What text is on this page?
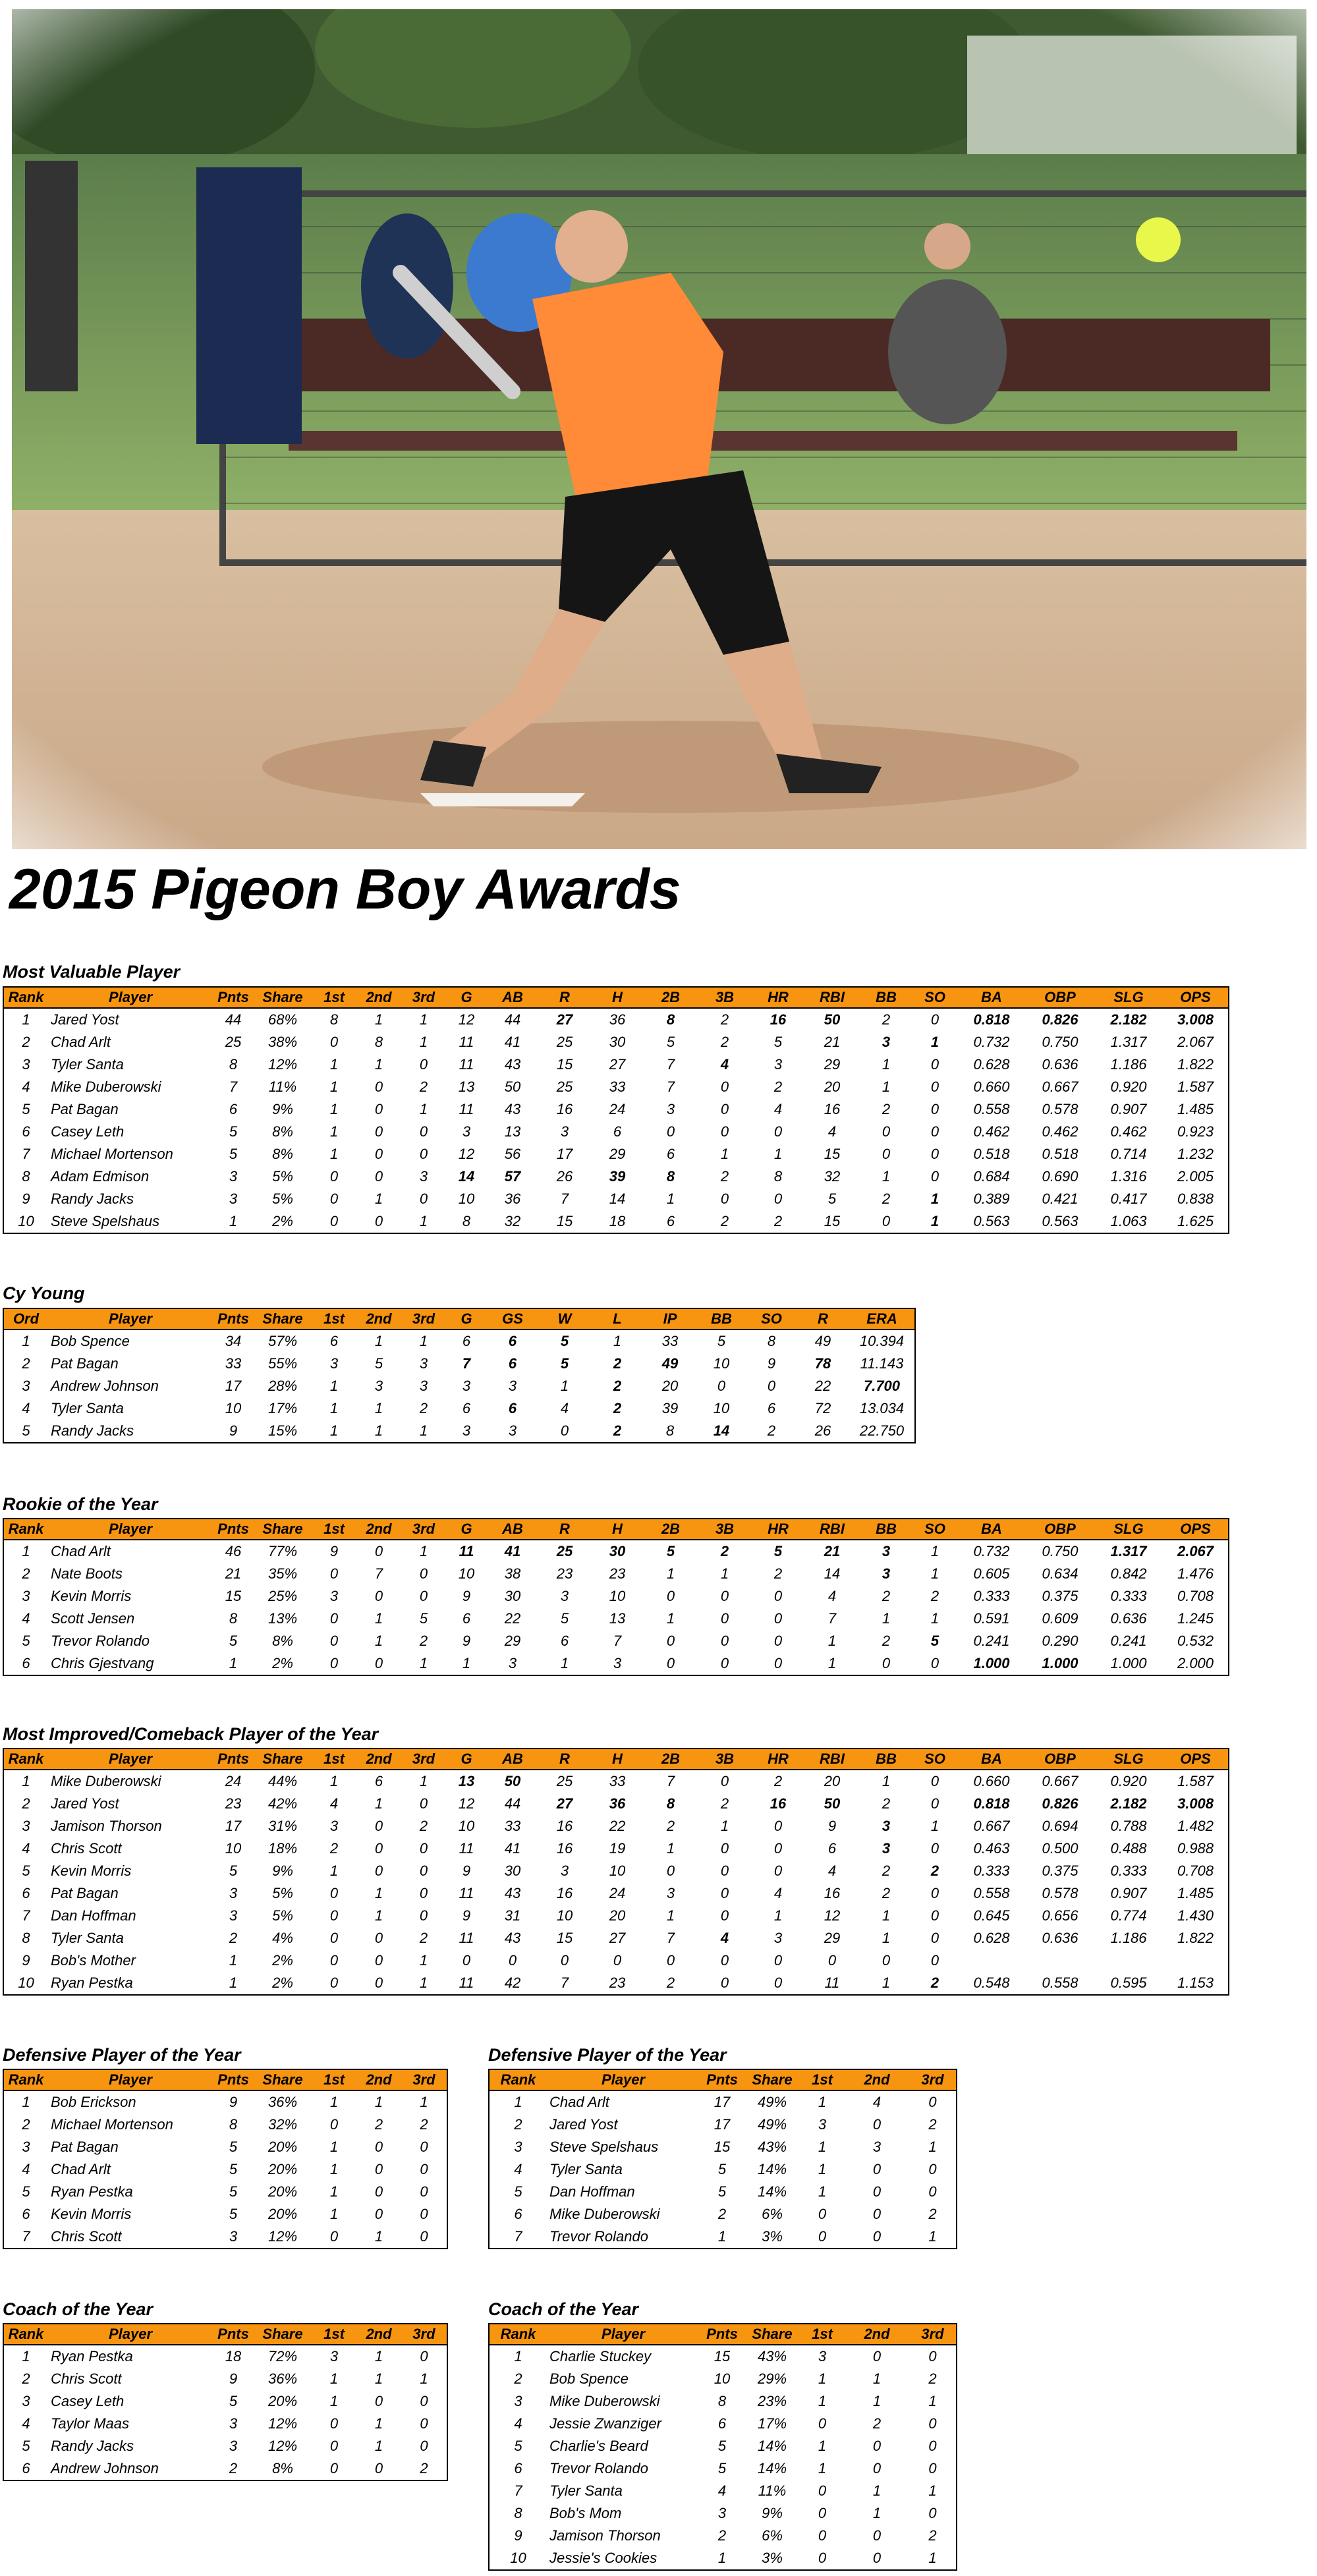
2015 Pigeon Boy Awards
Most Valuable Player
Rank	Player	Pnts	Share	1st	2nd	3rd	G	AB	R	H	2B	3B	HR	RBI	BB	SO	BA	OBP	SLG	OPS
1	Jared Yost	44	68%	8	1	1	12	44	27	36	8	2	16	50	2	0	0.818	0.826	2.182	3.008
2	Chad Arlt	25	38%	0	8	1	11	41	25	30	5	2	5	21	3	1	0.732	0.750	1.317	2.067
3	Tyler Santa	8	12%	1	1	0	11	43	15	27	7	4	3	29	1	0	0.628	0.636	1.186	1.822
4	Mike Duberowski	7	11%	1	0	2	13	50	25	33	7	0	2	20	1	0	0.660	0.667	0.920	1.587
5	Pat Bagan	6	9%	1	0	1	11	43	16	24	3	0	4	16	2	0	0.558	0.578	0.907	1.485
6	Casey Leth	5	8%	1	0	0	3	13	3	6	0	0	0	4	0	0	0.462	0.462	0.462	0.923
7	Michael Mortenson	5	8%	1	0	0	12	56	17	29	6	1	1	15	0	0	0.518	0.518	0.714	1.232
8	Adam Edmison	3	5%	0	0	3	14	57	26	39	8	2	8	32	1	0	0.684	0.690	1.316	2.005
9	Randy Jacks	3	5%	0	1	0	10	36	7	14	1	0	0	5	2	1	0.389	0.421	0.417	0.838
10	Steve Spelshaus	1	2%	0	0	1	8	32	15	18	6	2	2	15	0	1	0.563	0.563	1.063	1.625
Cy Young
Ord	Player	Pnts	Share	1st	2nd	3rd	G	GS	W	L	IP	BB	SO	R	ERA
1	Bob Spence	34	57%	6	1	1	6	6	5	1	33	5	8	49	10.394
2	Pat Bagan	33	55%	3	5	3	7	6	5	2	49	10	9	78	11.143
3	Andrew Johnson	17	28%	1	3	3	3	3	1	2	20	0	0	22	7.700
4	Tyler Santa	10	17%	1	1	2	6	6	4	2	39	10	6	72	13.034
5	Randy Jacks	9	15%	1	1	1	3	3	0	2	8	14	2	26	22.750
Rookie of the Year
Rank	Player	Pnts	Share	1st	2nd	3rd	G	AB	R	H	2B	3B	HR	RBI	BB	SO	BA	OBP	SLG	OPS
1	Chad Arlt	46	77%	9	0	1	11	41	25	30	5	2	5	21	3	1	0.732	0.750	1.317	2.067
2	Nate Boots	21	35%	0	7	0	10	38	23	23	1	1	2	14	3	1	0.605	0.634	0.842	1.476
3	Kevin Morris	15	25%	3	0	0	9	30	3	10	0	0	0	4	2	2	0.333	0.375	0.333	0.708
4	Scott Jensen	8	13%	0	1	5	6	22	5	13	1	0	0	7	1	1	0.591	0.609	0.636	1.245
5	Trevor Rolando	5	8%	0	1	2	9	29	6	7	0	0	0	1	2	5	0.241	0.290	0.241	0.532
6	Chris Gjestvang	1	2%	0	0	1	1	3	1	3	0	0	0	1	0	0	1.000	1.000	1.000	2.000
Most Improved/Comeback Player of the Year
Rank	Player	Pnts	Share	1st	2nd	3rd	G	AB	R	H	2B	3B	HR	RBI	BB	SO	BA	OBP	SLG	OPS
1	Mike Duberowski	24	44%	1	6	1	13	50	25	33	7	0	2	20	1	0	0.660	0.667	0.920	1.587
2	Jared Yost	23	42%	4	1	0	12	44	27	36	8	2	16	50	2	0	0.818	0.826	2.182	3.008
3	Jamison Thorson	17	31%	3	0	2	10	33	16	22	2	1	0	9	3	1	0.667	0.694	0.788	1.482
4	Chris Scott	10	18%	2	0	0	11	41	16	19	1	0	0	6	3	0	0.463	0.500	0.488	0.988
5	Kevin Morris	5	9%	1	0	0	9	30	3	10	0	0	0	4	2	2	0.333	0.375	0.333	0.708
6	Pat Bagan	3	5%	0	1	0	11	43	16	24	3	0	4	16	2	0	0.558	0.578	0.907	1.485
7	Dan Hoffman	3	5%	0	1	0	9	31	10	20	1	0	1	12	1	0	0.645	0.656	0.774	1.430
8	Tyler Santa	2	4%	0	0	2	11	43	15	27	7	4	3	29	1	0	0.628	0.636	1.186	1.822
9	Bob's Mother	1	2%	0	0	1	0	0	0	0	0	0	0	0	0	0				
10	Ryan Pestka	1	2%	0	0	1	11	42	7	23	2	0	0	11	1	2	0.548	0.558	0.595	1.153
Defensive Player of the Year
Rank	Player	Pnts	Share	1st	2nd	3rd
1	Bob Erickson	9	36%	1	1	1
2	Michael Mortenson	8	32%	0	2	2
3	Pat Bagan	5	20%	1	0	0
4	Chad Arlt	5	20%	1	0	0
5	Ryan Pestka	5	20%	1	0	0
6	Kevin Morris	5	20%	1	0	0
7	Chris Scott	3	12%	0	1	0
Defensive Player of the Year
Rank	Player	Pnts	Share	1st	2nd	3rd
1	Chad Arlt	17	49%	1	4	0
2	Jared Yost	17	49%	3	0	2
3	Steve Spelshaus	15	43%	1	3	1
4	Tyler Santa	5	14%	1	0	0
5	Dan Hoffman	5	14%	1	0	0
6	Mike Duberowski	2	6%	0	0	2
7	Trevor Rolando	1	3%	0	0	1
Coach of the Year
Rank	Player	Pnts	Share	1st	2nd	3rd
1	Ryan Pestka	18	72%	3	1	0
2	Chris Scott	9	36%	1	1	1
3	Casey Leth	5	20%	1	0	0
4	Taylor Maas	3	12%	0	1	0
5	Randy Jacks	3	12%	0	1	0
6	Andrew Johnson	2	8%	0	0	2
Coach of the Year
Rank	Player	Pnts	Share	1st	2nd	3rd
1	Charlie Stuckey	15	43%	3	0	0
2	Bob Spence	10	29%	1	1	2
3	Mike Duberowski	8	23%	1	1	1
4	Jessie Zwanziger	6	17%	0	2	0
5	Charlie's Beard	5	14%	1	0	0
6	Trevor Rolando	5	14%	1	0	0
7	Tyler Santa	4	11%	0	1	1
8	Bob's Mom	3	9%	0	1	0
9	Jamison Thorson	2	6%	0	0	2
10	Jessie's Cookies	1	3%	0	0	1
